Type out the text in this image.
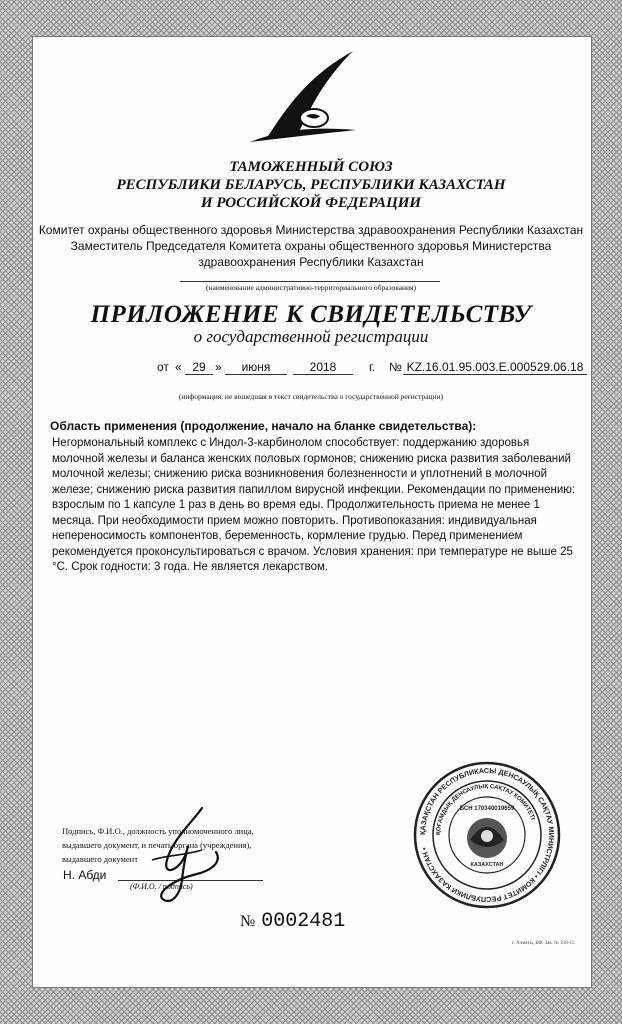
ТАМОЖЕННЫЙ СОЮЗ
РЕСПУБЛИКИ БЕЛАРУСЬ, РЕСПУБЛИКИ КАЗАХСТАН
И РОССИЙСКОЙ ФЕДЕРАЦИИ
Комитет охраны общественного здоровья Министерства здравоохранения Республики Казахстан
Заместитель Председателя Комитета охраны общественного здоровья Министерства
здравоохранения Республики Казахстан
(наименование административно-территориального образования)
ПРИЛОЖЕНИЕ К СВИДЕТЕЛЬСТВУ
о государственной регистрации
от « 29 »	июня	2018	г. № KZ.16.01.95.003.E.000529.06.18
(информация, не вошедшая в текст свидетельства о государственной регистрации)
Область применения (продолжение, начало на бланке свидетельства):
Негормональный комплекс с Индол-3-карбинолом способствует: поддержанию здоровья
молочной железы и баланса женских половых гормонов; снижению риска развития заболеваний
молочной железы; снижению риска возникновения болезненности и уплотнений в молочной
железе; снижению риска развития папиллом вирусной инфекции. Рекомендации по применению:
взрослым по 1 капсуле 1 раз в день во время еды. Продолжительность приема не менее 1
месяца. При необходимости прием можно повторить. Противопоказания: индивидуальная
непереносимость компонентов, беременность, кормление грудью. Перед применением
рекомендуется проконсультироваться с врачом. Условия хранения: при температуре не выше 25
°С. Срок годности: 3 года. Не является лекарством.
Подпись, Ф.И.О., должность уполномоченного лица,
выдавшего документ, и печать органа (учреждения),
выдавшего документ
Н. Абди
(Ф.И.О. / подпись)
№ 0002481
ҚАЗАҚСТАН РЕСПУБЛИКАСЫ ДЕНСАУЛЫҚ САҚТАУ МИНИСТРЛІГІ • КОМИТЕТ РЕСПУБЛИКИ КАЗАХСТАН •
ҚОҒАМДЫҚ ДЕНСАУЛЫҚ САҚТАУ КОМИТЕТІ
БСН 170340019659
КАЗАХСТАН
г. Алматы, БФ. Зак. № 318-11.
